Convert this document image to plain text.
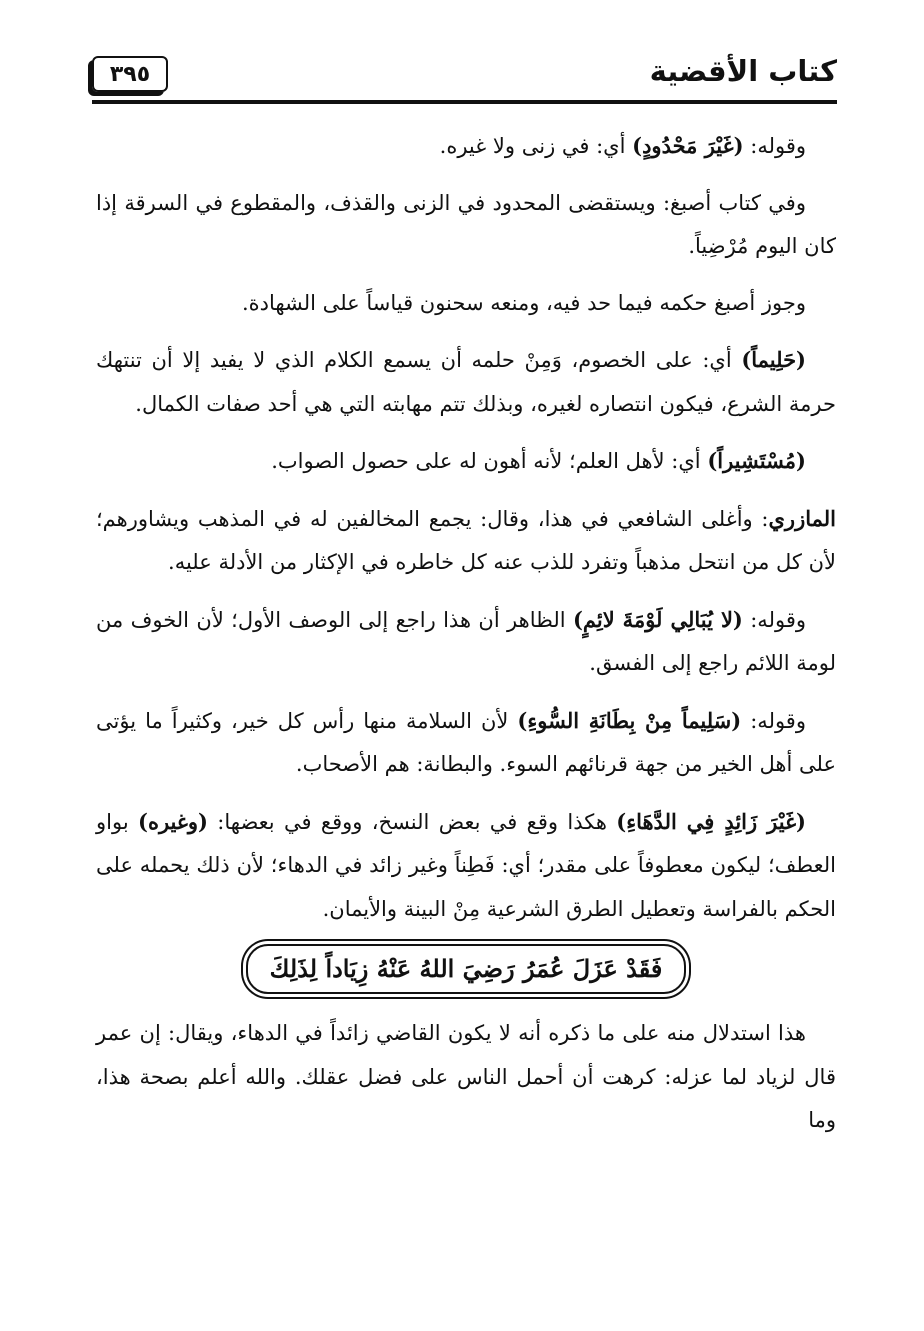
كتاب الأقضية
٣٩٥

وقوله: (غَيْرَ مَحْدُودٍ) أي: في زنى ولا غيره.

وفي كتاب أصبغ: ويستقضى المحدود في الزنى والقذف، والمقطوع في السرقة إذا كان اليوم مُرْضِياً.

وجوز أصبغ حكمه فيما حد فيه، ومنعه سحنون قياساً على الشهادة.

(حَلِيماً) أي: على الخصوم، وَمِنْ حلمه أن يسمع الكلام الذي لا يفيد إلا أن تنتهك حرمة الشرع، فيكون انتصاره لغيره، وبذلك تتم مهابته التي هي أحد صفات الكمال.

(مُسْتَشِيراً) أي: لأهل العلم؛ لأنه أهون له على حصول الصواب.

المازري: وأغلى الشافعي في هذا، وقال: يجمع المخالفين له في المذهب ويشاورهم؛ لأن كل من انتحل مذهباً وتفرد للذب عنه كل خاطره في الإكثار من الأدلة عليه.

وقوله: (لا يُبَالِي لَوْمَةَ لائِمٍ) الظاهر أن هذا راجع إلى الوصف الأول؛ لأن الخوف من لومة اللائم راجع إلى الفسق.

وقوله: (سَلِيماً مِنْ بِطَانَةِ السُّوءِ) لأن السلامة منها رأس كل خير، وكثيراً ما يؤتى على أهل الخير من جهة قرنائهم السوء. والبطانة: هم الأصحاب.

(غَيْرَ زَائِدٍ فِي الدَّهَاءِ) هكذا وقع في بعض النسخ، ووقع في بعضها: (وغيره) بواو العطف؛ ليكون معطوفاً على مقدر؛ أي: فَطِناً وغير زائد في الدهاء؛ لأن ذلك يحمله على الحكم بالفراسة وتعطيل الطرق الشرعية مِنْ البينة والأيمان.

فَقَدْ عَزَلَ عُمَرُ رَضِيَ اللهُ عَنْهُ زِيَاداً لِذَلِكَ

هذا استدلال منه على ما ذكره أنه لا يكون القاضي زائداً في الدهاء، ويقال: إن عمر قال لزياد لما عزله: كرهت أن أحمل الناس على فضل عقلك. والله أعلم بصحة هذا، وما
